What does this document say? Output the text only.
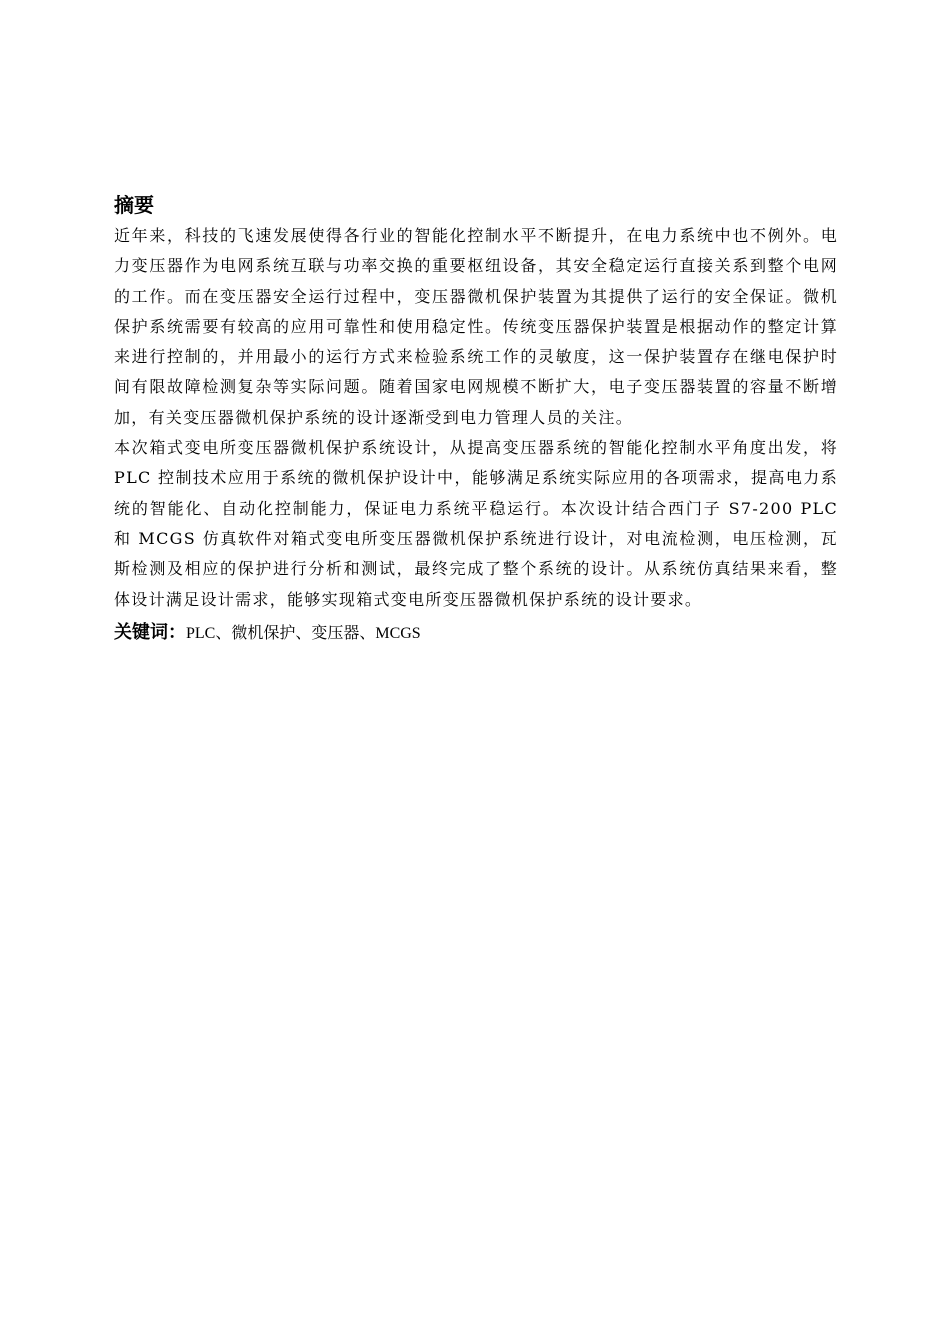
摘要

近年来，科技的飞速发展使得各行业的智能化控制水平不断提升，在电力系统中也不例外。电力变压器作为电网系统互联与功率交换的重要枢纽设备，其安全稳定运行直接关系到整个电网的工作。而在变压器安全运行过程中，变压器微机保护装置为其提供了运行的安全保证。微机保护系统需要有较高的应用可靠性和使用稳定性。传统变压器保护装置是根据动作的整定计算来进行控制的，并用最小的运行方式来检验系统工作的灵敏度，这一保护装置存在继电保护时间有限故障检测复杂等实际问题。随着国家电网规模不断扩大，电子变压器装置的容量不断增加，有关变压器微机保护系统的设计逐渐受到电力管理人员的关注。

本次箱式变电所变压器微机保护系统设计，从提高变压器系统的智能化控制水平角度出发，将 PLC 控制技术应用于系统的微机保护设计中，能够满足系统实际应用的各项需求，提高电力系统的智能化、自动化控制能力，保证电力系统平稳运行。本次设计结合西门子 S7-200 PLC 和 MCGS 仿真软件对箱式变电所变压器微机保护系统进行设计，对电流检测，电压检测，瓦斯检测及相应的保护进行分析和测试，最终完成了整个系统的设计。从系统仿真结果来看，整体设计满足设计需求，能够实现箱式变电所变压器微机保护系统的设计要求。

关键词：PLC、微机保护、变压器、MCGS
